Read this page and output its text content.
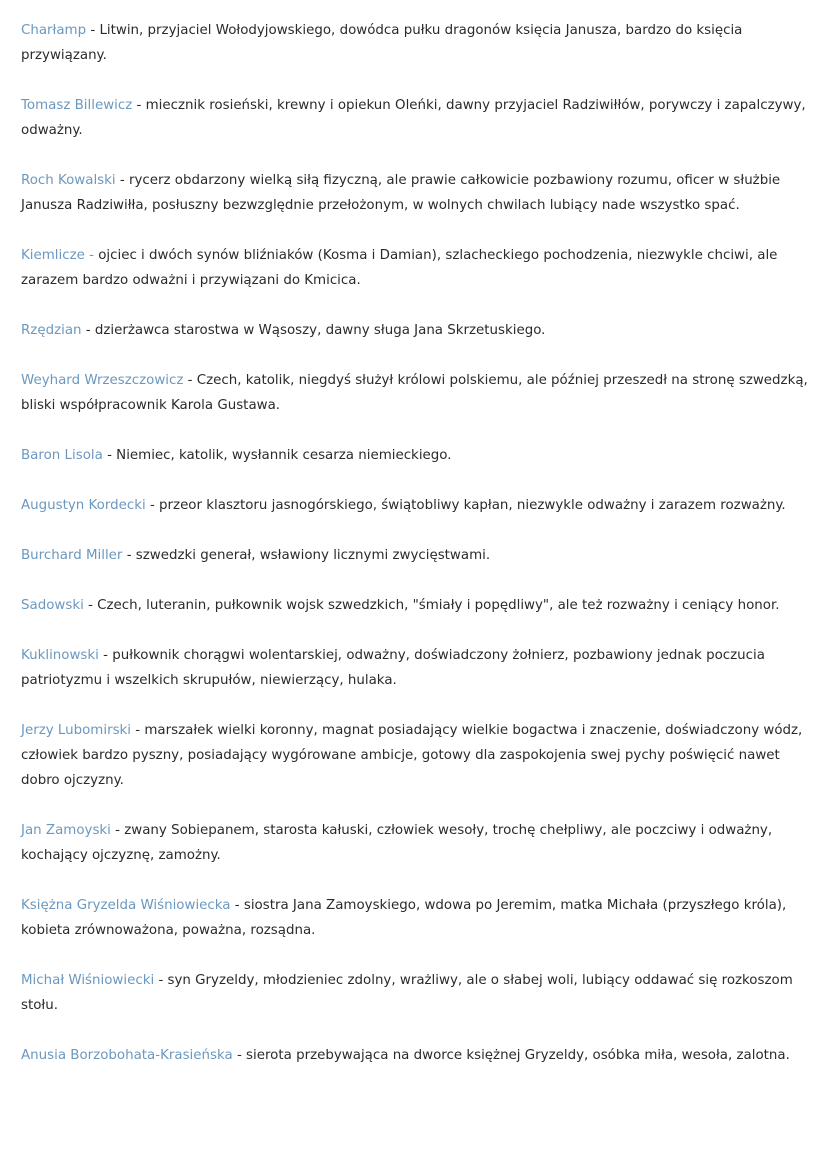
Charłamp - Litwin, przyjaciel Wołodyjowskiego, dowódca pułku dragonów księcia Janusza, bardzo do księcia przywiązany.

Tomasz Billewicz - miecznik rosieński, krewny i opiekun Oleńki, dawny przyjaciel Radziwiłłów, porywczy i zapalczywy, odważny.

Roch Kowalski - rycerz obdarzony wielką siłą fizyczną, ale prawie całkowicie pozbawiony rozumu, oficer w służbie Janusza Radziwiłła, posłuszny bezwzględnie przełożonym, w wolnych chwilach lubiący nade wszystko spać.

Kiemlicze - ojciec i dwóch synów bliźniaków (Kosma i Damian), szlacheckiego pochodzenia, niezwykle chciwi, ale zarazem bardzo odważni i przywiązani do Kmicica.

Rzędzian - dzierżawca starostwa w Wąsoszy, dawny sługa Jana Skrzetuskiego.

Weyhard Wrzeszczowicz - Czech, katolik, niegdyś służył królowi polskiemu, ale później przeszedł na stronę szwedzką, bliski współpracownik Karola Gustawa.

Baron Lisola - Niemiec, katolik, wysłannik cesarza niemieckiego.

Augustyn Kordecki - przeor klasztoru jasnogórskiego, świątobliwy kapłan, niezwykle odważny i zarazem rozważny.

Burchard Miller - szwedzki generał, wsławiony licznymi zwycięstwami.

Sadowski - Czech, luteranin, pułkownik wojsk szwedzkich, "śmiały i popędliwy", ale też rozważny i ceniący honor.

Kuklinowski - pułkownik chorągwi wolentarskiej, odważny, doświadczony żołnierz, pozbawiony jednak poczucia patriotyzmu i wszelkich skrupułów, niewierzący, hulaka.

Jerzy Lubomirski - marszałek wielki koronny, magnat posiadający wielkie bogactwa i znaczenie, doświadczony wódz, człowiek bardzo pyszny, posiadający wygórowane ambicje, gotowy dla zaspokojenia swej pychy poświęcić nawet dobro ojczyzny.

Jan Zamoyski - zwany Sobiepanem, starosta kałuski, człowiek wesoły, trochę chełpliwy, ale poczciwy i odważny, kochający ojczyznę, zamożny.

Księżna Gryzelda Wiśniowiecka - siostra Jana Zamoyskiego, wdowa po Jeremim, matka Michała (przyszłego króla), kobieta zrównoważona, poważna, rozsądna.

Michał Wiśniowiecki - syn Gryzeldy, młodzieniec zdolny, wrażliwy, ale o słabej woli, lubiący oddawać się rozkoszom stołu.

Anusia Borzobohata-Krasieńska - sierota przebywająca na dworce księżnej Gryzeldy, osóbka miła, wesoła, zalotna.
